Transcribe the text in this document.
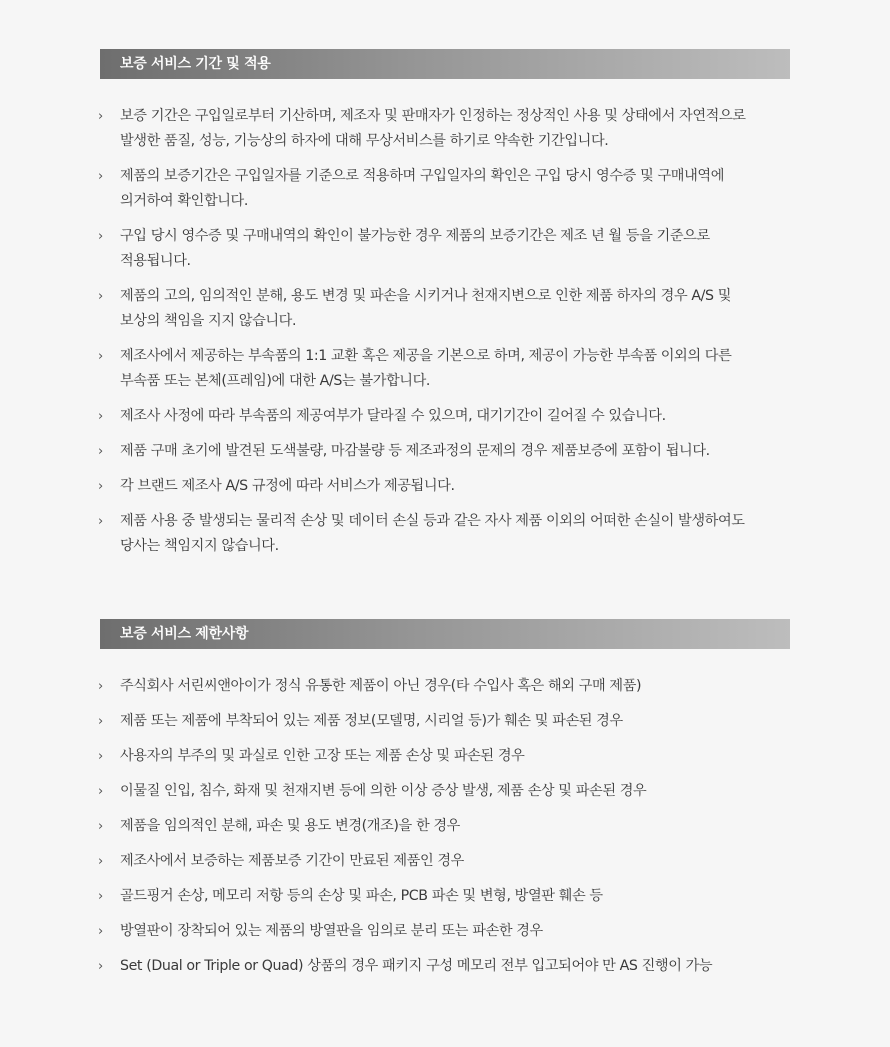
보증 서비스 기간 및 적용
› 보증 기간은 구입일로부터 기산하며, 제조자 및 판매자가 인정하는 정상적인 사용 및 상태에서 자연적으로
발생한 품질, 성능, 기능상의 하자에 대해 무상서비스를 하기로 약속한 기간입니다.
› 제품의 보증기간은 구입일자를 기준으로 적용하며 구입일자의 확인은 구입 당시 영수증 및 구매내역에
의거하여 확인합니다.
› 구입 당시 영수증 및 구매내역의 확인이 불가능한 경우 제품의 보증기간은 제조 년 월 등을 기준으로
적용됩니다.
› 제품의 고의, 임의적인 분해, 용도 변경 및 파손을 시키거나 천재지변으로 인한 제품 하자의 경우 A/S 및
보상의 책임을 지지 않습니다.
› 제조사에서 제공하는 부속품의 1:1 교환 혹은 제공을 기본으로 하며, 제공이 가능한 부속품 이외의 다른
부속품 또는 본체(프레임)에 대한 A/S는 불가합니다.
› 제조사 사정에 따라 부속품의 제공여부가 달라질 수 있으며, 대기기간이 길어질 수 있습니다.
› 제품 구매 초기에 발견된 도색불량, 마감불량 등 제조과정의 문제의 경우 제품보증에 포함이 됩니다.
› 각 브랜드 제조사 A/S 규정에 따라 서비스가 제공됩니다.
› 제품 사용 중 발생되는 물리적 손상 및 데이터 손실 등과 같은 자사 제품 이외의 어떠한 손실이 발생하여도
당사는 책임지지 않습니다.
보증 서비스 제한사항
› 주식회사 서린씨앤아이가 정식 유통한 제품이 아닌 경우(타 수입사 혹은 해외 구매 제품)
› 제품 또는 제품에 부착되어 있는 제품 정보(모델명, 시리얼 등)가 훼손 및 파손된 경우
› 사용자의 부주의 및 과실로 인한 고장 또는 제품 손상 및 파손된 경우
› 이물질 인입, 침수, 화재 및 천재지변 등에 의한 이상 증상 발생, 제품 손상 및 파손된 경우
› 제품을 임의적인 분해, 파손 및 용도 변경(개조)을 한 경우
› 제조사에서 보증하는 제품보증 기간이 만료된 제품인 경우
› 골드핑거 손상, 메모리 저항 등의 손상 및 파손, PCB 파손 및 변형, 방열판 훼손 등
› 방열판이 장착되어 있는 제품의 방열판을 임의로 분리 또는 파손한 경우
› Set (Dual or Triple or Quad) 상품의 경우 패키지 구성 메모리 전부 입고되어야 만 AS 진행이 가능
